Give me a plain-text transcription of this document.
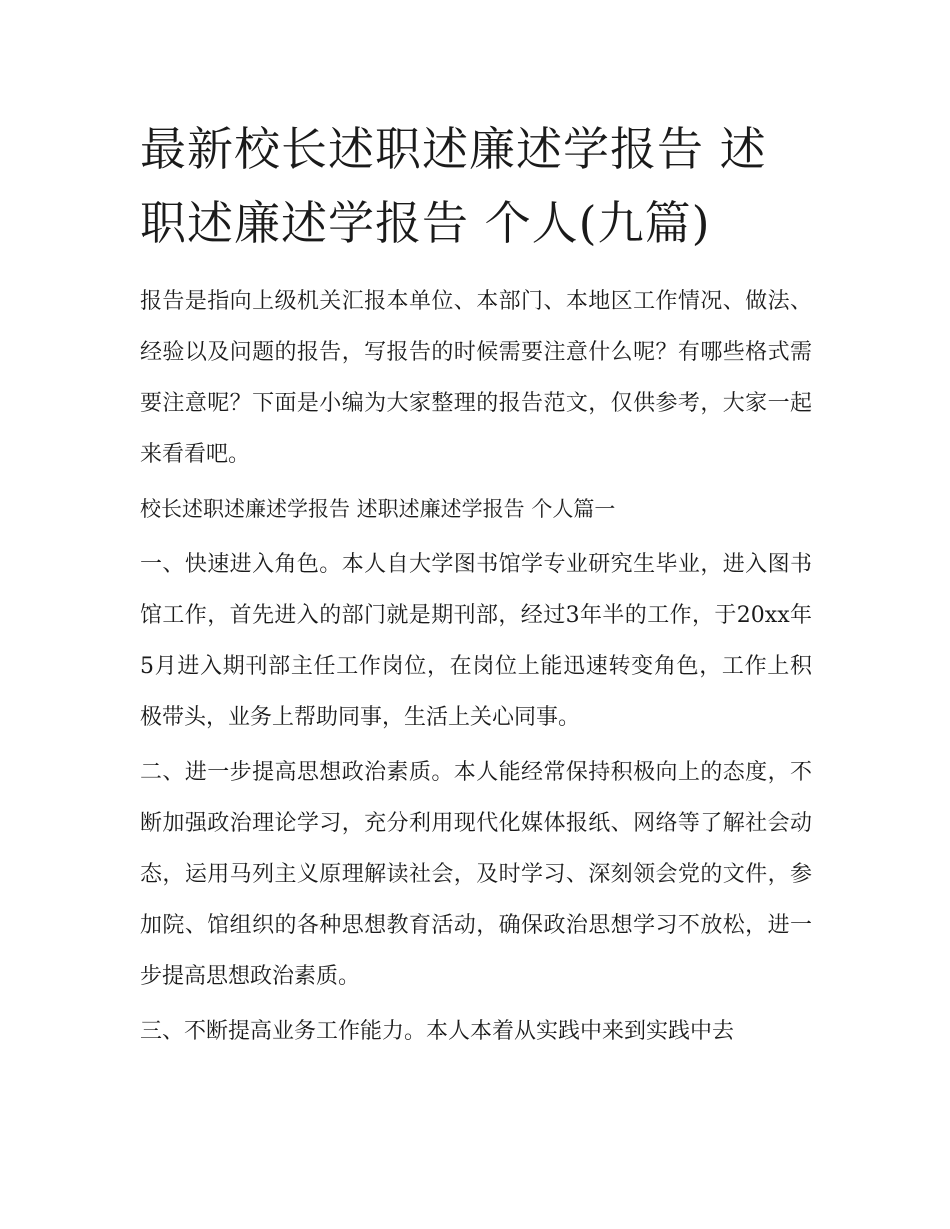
最新校长述职述廉述学报告 述职述廉述学报告 个人(九篇)

报告是指向上级机关汇报本单位、本部门、本地区工作情况、做法、经验以及问题的报告，写报告的时候需要注意什么呢？有哪些格式需要注意呢？下面是小编为大家整理的报告范文，仅供参考，大家一起来看看吧。

校长述职述廉述学报告 述职述廉述学报告 个人篇一

一、快速进入角色。本人自大学图书馆学专业研究生毕业，进入图书馆工作，首先进入的部门就是期刊部，经过3年半的工作，于20xx年5月进入期刊部主任工作岗位，在岗位上能迅速转变角色，工作上积极带头，业务上帮助同事，生活上关心同事。

二、进一步提高思想政治素质。本人能经常保持积极向上的态度，不断加强政治理论学习，充分利用现代化媒体报纸、网络等了解社会动态，运用马列主义原理解读社会，及时学习、深刻领会党的文件，参加院、馆组织的各种思想教育活动，确保政治思想学习不放松，进一步提高思想政治素质。

三、不断提高业务工作能力。本人本着从实践中来到实践中去
